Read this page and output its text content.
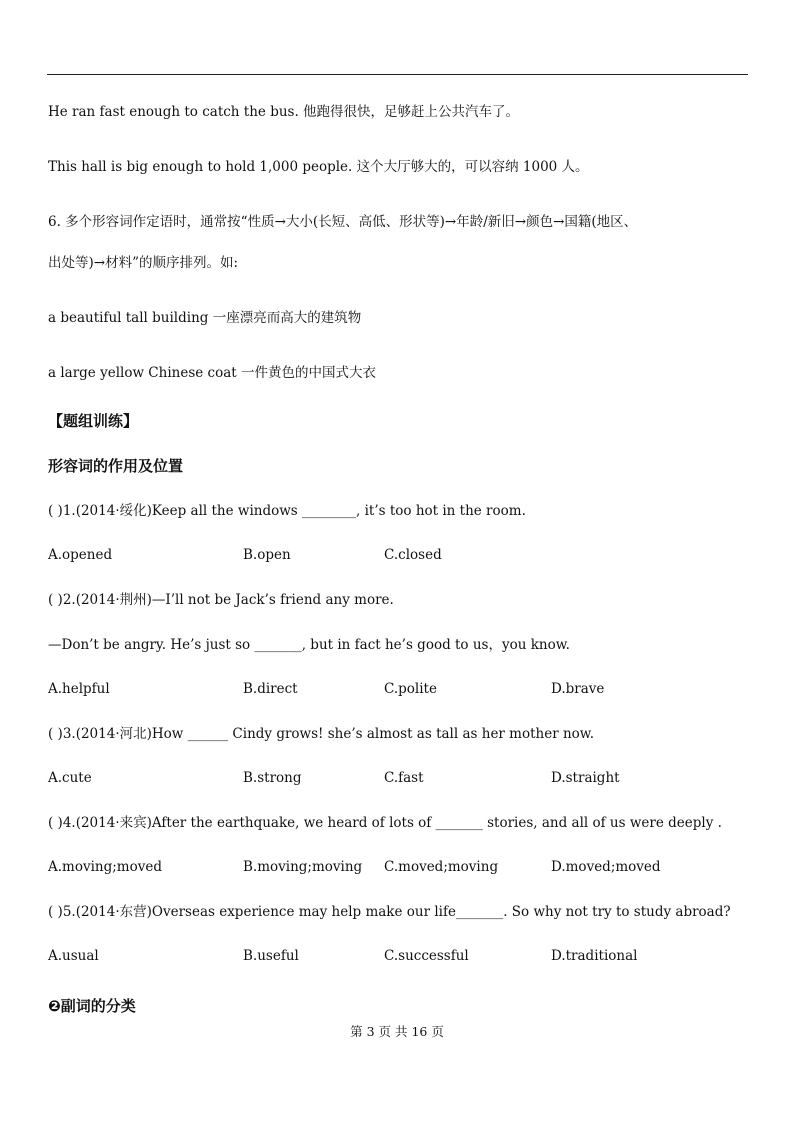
He ran fast enough to catch the bus. 他跑得很快，足够赶上公共汽车了。
This hall is big enough to hold 1,000 people. 这个大厅够大的，可以容纳 1000 人。
6. 多个形容词作定语时，通常按“性质→大小(长短、高低、形状等)→年龄/新旧→颜色→国籍(地区、
出处等)→材料”的顺序排列。如:
a beautiful tall building 一座漂亮而高大的建筑物
a large yellow Chinese coat 一件黄色的中国式大衣
【题组训练】
形容词的作用及位置
( )1.(2014·绥化)Keep all the windows ________, it’s too hot in the room.
A.opened	B.open	C.closed
( )2.(2014·荆州)—I’ll not be Jack’s friend any more.
—Don’t be angry. He’s just so _______, but in fact he’s good to us，you know.
A.helpful	B.direct	C.polite	D.brave
( )3.(2014·河北)How ______ Cindy grows! she’s almost as tall as her mother now.
A.cute	B.strong	C.fast	D.straight
( )4.(2014·来宾)After the earthquake, we heard of lots of _______ stories, and all of us were deeply .
A.moving;moved	B.moving;moving C.moved;moving	D.moved;moved
( )5.(2014·东营)Overseas experience may help make our life_______. So why not try to study abroad?
A.usual	B.useful	C.successful	D.traditional
❷副词的分类
第 3 页 共 16 页
